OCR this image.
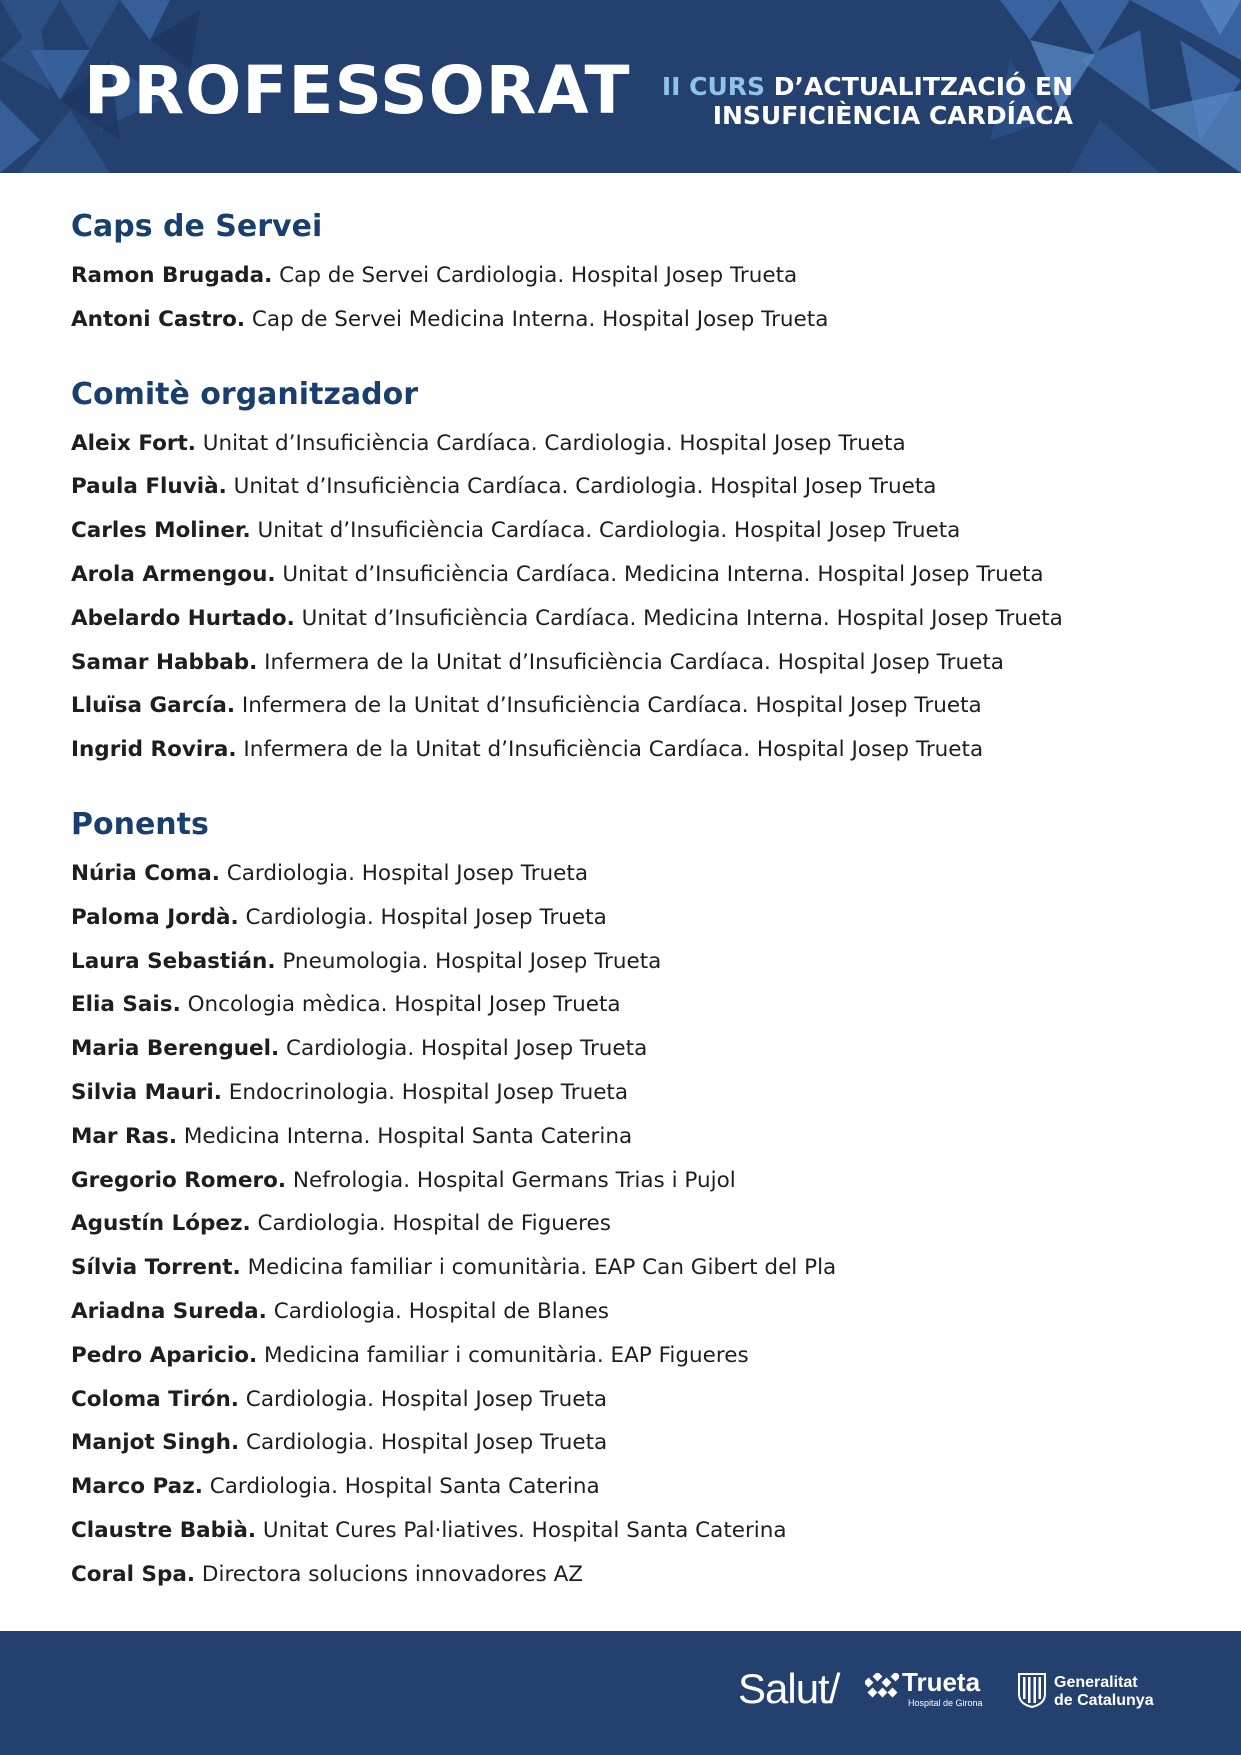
PROFESSORAT II CURS D’ACTUALITZACIÓ EN
INSUFICIÈNCIA CARDÍACA
Caps de Servei
Ramon Brugada. Cap de Servei Cardiologia. Hospital Josep Trueta
Antoni Castro. Cap de Servei Medicina Interna. Hospital Josep Trueta
Comitè organitzador
Aleix Fort. Unitat d’Insuficiència Cardíaca. Cardiologia. Hospital Josep Trueta
Paula Fluvià. Unitat d’Insuficiència Cardíaca. Cardiologia. Hospital Josep Trueta
Carles Moliner. Unitat d’Insuficiència Cardíaca. Cardiologia. Hospital Josep Trueta
Arola Armengou. Unitat d’Insuficiència Cardíaca. Medicina Interna. Hospital Josep Trueta
Abelardo Hurtado. Unitat d’Insuficiència Cardíaca. Medicina Interna. Hospital Josep Trueta
Samar Habbab. Infermera de la Unitat d’Insuficiència Cardíaca. Hospital Josep Trueta
Lluïsa García. Infermera de la Unitat d’Insuficiència Cardíaca. Hospital Josep Trueta
Ingrid Rovira. Infermera de la Unitat d’Insuficiència Cardíaca. Hospital Josep Trueta
Ponents
Núria Coma. Cardiologia. Hospital Josep Trueta
Paloma Jordà. Cardiologia. Hospital Josep Trueta
Laura Sebastián. Pneumologia. Hospital Josep Trueta
Elia Sais. Oncologia mèdica. Hospital Josep Trueta
Maria Berenguel. Cardiologia. Hospital Josep Trueta
Silvia Mauri. Endocrinologia. Hospital Josep Trueta
Mar Ras. Medicina Interna. Hospital Santa Caterina
Gregorio Romero. Nefrologia. Hospital Germans Trias i Pujol
Agustín López. Cardiologia. Hospital de Figueres
Sílvia Torrent. Medicina familiar i comunitària. EAP Can Gibert del Pla
Ariadna Sureda. Cardiologia. Hospital de Blanes
Pedro Aparicio. Medicina familiar i comunitària. EAP Figueres
Coloma Tirón. Cardiologia. Hospital Josep Trueta
Manjot Singh. Cardiologia. Hospital Josep Trueta
Marco Paz. Cardiologia. Hospital Santa Caterina
Claustre Babià. Unitat Cures Pal·liatives. Hospital Santa Caterina
Coral Spa. Directora solucions innovadores AZ
Salut/ Trueta
Hospital de Girona
Generalitat
de Catalunya
